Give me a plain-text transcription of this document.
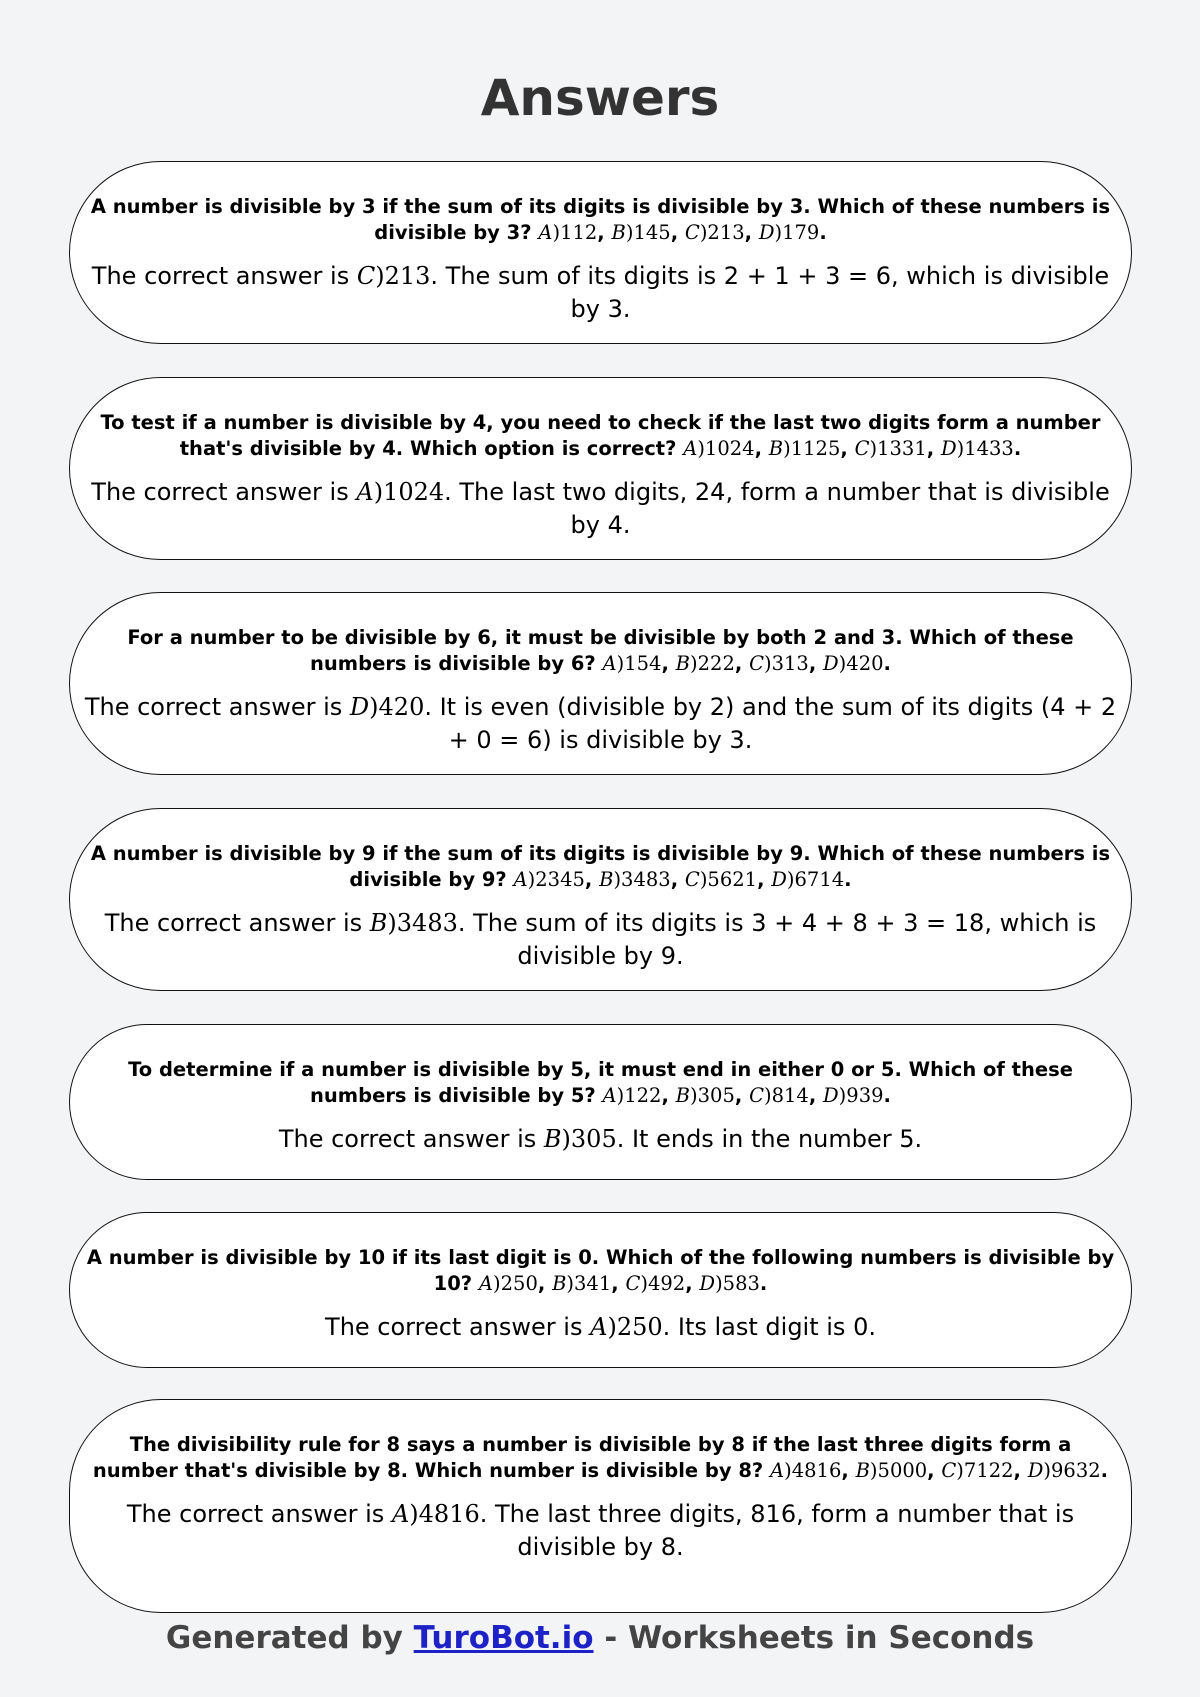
Answers

A number is divisible by 3 if the sum of its digits is divisible by 3. Which of these numbers is divisible by 3? A)112, B)145, C)213, D)179.

The correct answer is C)213. The sum of its digits is 2 + 1 + 3 = 6, which is divisible by 3.

To test if a number is divisible by 4, you need to check if the last two digits form a number that's divisible by 4. Which option is correct? A)1024, B)1125, C)1331, D)1433.

The correct answer is A)1024. The last two digits, 24, form a number that is divisible by 4.

For a number to be divisible by 6, it must be divisible by both 2 and 3. Which of these numbers is divisible by 6? A)154, B)222, C)313, D)420.

The correct answer is D)420. It is even (divisible by 2) and the sum of its digits (4 + 2 + 0 = 6) is divisible by 3.

A number is divisible by 9 if the sum of its digits is divisible by 9. Which of these numbers is divisible by 9? A)2345, B)3483, C)5621, D)6714.

The correct answer is B)3483. The sum of its digits is 3 + 4 + 8 + 3 = 18, which is divisible by 9.

To determine if a number is divisible by 5, it must end in either 0 or 5. Which of these numbers is divisible by 5? A)122, B)305, C)814, D)939.

The correct answer is B)305. It ends in the number 5.

A number is divisible by 10 if its last digit is 0. Which of the following numbers is divisible by 10? A)250, B)341, C)492, D)583.

The correct answer is A)250. Its last digit is 0.

The divisibility rule for 8 says a number is divisible by 8 if the last three digits form a number that's divisible by 8. Which number is divisible by 8? A)4816, B)5000, C)7122, D)9632.

The correct answer is A)4816. The last three digits, 816, form a number that is divisible by 8.

Generated by TuroBot.io - Worksheets in Seconds
